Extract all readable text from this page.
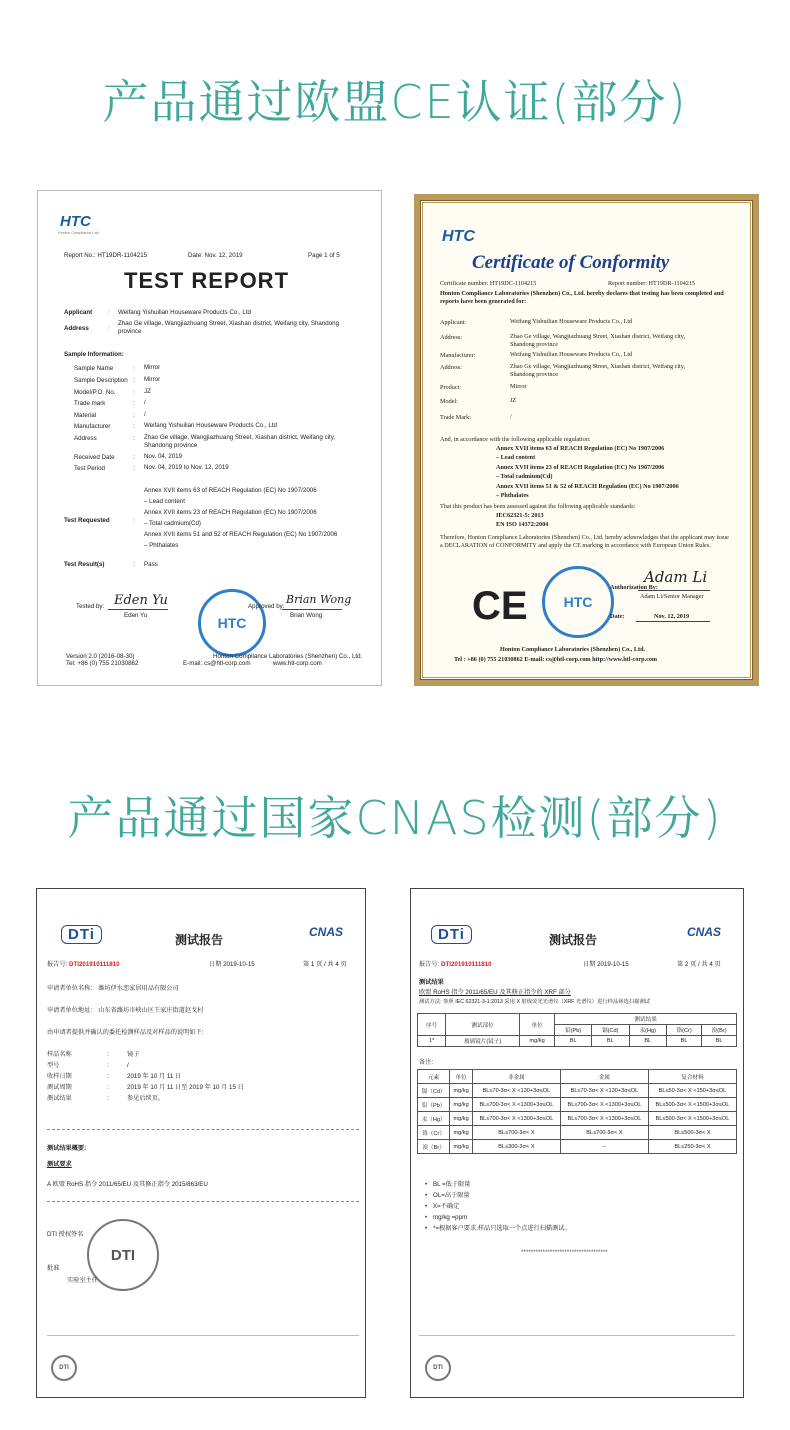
产品通过欧盟CE认证(部分)
HTC
Honton Compliance Lab
Report No.: HT19DR-1104215	Date: Nov. 12, 2019	Page 1 of 5
TEST REPORT
Applicant	: Weifang Yishuilian Houseware Products Co., Ltd
Address	:
Zhao Ge village, Wangjiazhuang Street, Xiashan district, Weifang city, Shandong province
Sample Information:
Sample Name	: Mirror
Sample Description : Mirror
Model/P.O. No.	: JZ
Trade mark	: /
Material	: /
Manufacturer	: Weifang Yishuilian Houseware Products Co., Ltd
Address	: Zhao Ge village, Wangjiazhuang Street, Xiashan district, Weifang city, Shandong province
Received Date	: Nov. 04, 2019
Test Period	: Nov. 04, 2019 to Nov. 12, 2019
Test Requested	:
Annex XVII items 63 of REACH Regulation (EC) No 1907/2006
– Lead content
Annex XVII items 23 of REACH Regulation (EC) No 1907/2006
– Total cadmium(Cd)
Annex XVII items 51 and 52 of REACH Regulation (EC) No 1907/2006
– Phthalates
Test Result(s)	: Pass
Tested by: Eden Yu
Eden Yu	HTC
Approved by:
Brian Wong
Brian Wong
Version 2.0 (2016-08-30)
Tel: +86 (0) 755 21030862
Honton Compliance Laboratories (Shenzhen) Co., Ltd.
E-mail: cs@htl-corp.com	www.htl-corp.com
HTC
Certificate of Conformity
Certificate number: HT19DC-1104215	Report number: HT19DR-1104215
Honton Compliance Laboratories (Shenzhen) Co., Ltd. hereby declares that testing has been completed and reports have been generated for:
Applicant:	Weifang Yishuilian Houseware Products Co., Ltd
Address:	Zhao Ge village, Wangjiazhuang Street, Xiashan district, Weifang city, Shandong province
Manufacturer:	Weifang Yishuilian Houseware Products Co., Ltd
Address:	Zhao Ge village, Wangjiazhuang Street, Xiashan district, Weifang city, Shandong province
Product:	Mirror
Model:	JZ
Trade Mark:	/
And, in accordance with the following applicable regulation:
Annex XVII items 63 of REACH Regulation (EC) No 1907/2006
– Lead content
Annex XVII items 23 of REACH Regulation (EC) No 1907/2006
– Total cadmium(Cd)
Annex XVII items 51 & 52 of REACH Regulation (EC) No 1907/2006
– Phthalates
That this product has been assessed against the following applicable standards:
IEC62321-5: 2013
EN ISO 14372:2004
Therefore, Honton Compliance Laboratories (Shenzhen) Co., Ltd. hereby acknowledges that the applicant may issue a DECLARATION of CONFORMITY and apply the CE marking in accordance with European Union Rules.
CE	HTC
Authorization By:
Adam Li
Adam Li/Senior Manager
Date:	Nov. 12, 2019
Honton Compliance Laboratories (Shenzhen) Co., Ltd.
Tel : +86 (0) 755 21030862 E-mail: cs@htl-corp.com http://www.htl-corp.com
产品通过国家CNAS检测(部分)
DTi	测试报告
CNAS
报告号: DTI201910111810	日期 2019-10-15	第 1 页 / 共 4 页
申请者单位名称： 潍坊伊水恋家居用品有限公司
申请者单位地址： 山东省潍坊市峡山区王家庄街道赵戈村
由申请者提供并确认的委托检测样品及对样品的说明如下:
样品名称	:	镜子
型号	:	/
收样日期	:	2019 年 10 月 11 日
测试周期	:	2019 年 10 月 11 日至 2019 年 10 月 15 日
测试结果	:	参见后续页。
测试结果概要:
测试要求
A 欧盟 RoHS 指令 2011/65/EU 及其修正指令 2015/863/EU
DTI 授权签名
DTI
批准
实验室主任
DTI
DTi	测试报告
CNAS
报告号: DTI201910111810	日期 2019-10-15	第 2 页 / 共 4 页
测试结果
欧盟 RoHS 指令 2011/65/EU 及其修正指令的 XRF 部分
测试方法: 参照 IEC 62321-3-1:2013 采用 X 射线荧光光谱仪（XRF 光谱仪）进行样品筛选扫描测试
序号	测试部位	单位	测试结果				
			铅(Pb)	镉(Cd)	汞(Hg)	铬(Cr)	溴(Br)
1*	玻璃镜片(镜子)	mg/kg	BL	BL	BL	BL	BL
备注:
元素	单位	非金属	金属	复合材料
镉（Cd）	mg/kg	BL≤70-3σ< X <130+3σ≤OL	BL≤70-3σ< X <130+3σ≤OL	BL≤50-3σ< X <150+3σ≤OL
铅（Pb）	mg/kg	BL≤700-3σ< X <1300+3σ≤OL	BL≤700-3σ< X <1300+3σ≤OL	BL≤500-3σ< X <1500+3σ≤OL
汞（Hg）	mg/kg	BL≤700-3σ< X <1300+3σ≤OL	BL≤700-3σ< X <1300+3σ≤OL	BL≤500-3σ< X <1500+3σ≤OL
铬（Cr）	mg/kg	BL≤700-3σ< X	BL≤700-3σ< X	BL≤500-3σ< X
溴（Br）	mg/kg	BL≤300-3σ< X	--	BL≤250-3σ< X
• BL =低于限量
• OL=高于限量
• X=不确定
• mg/kg =ppm
• *=根据客户要求,样品只选取一个点进行扫描测试。
************************************
DTI
